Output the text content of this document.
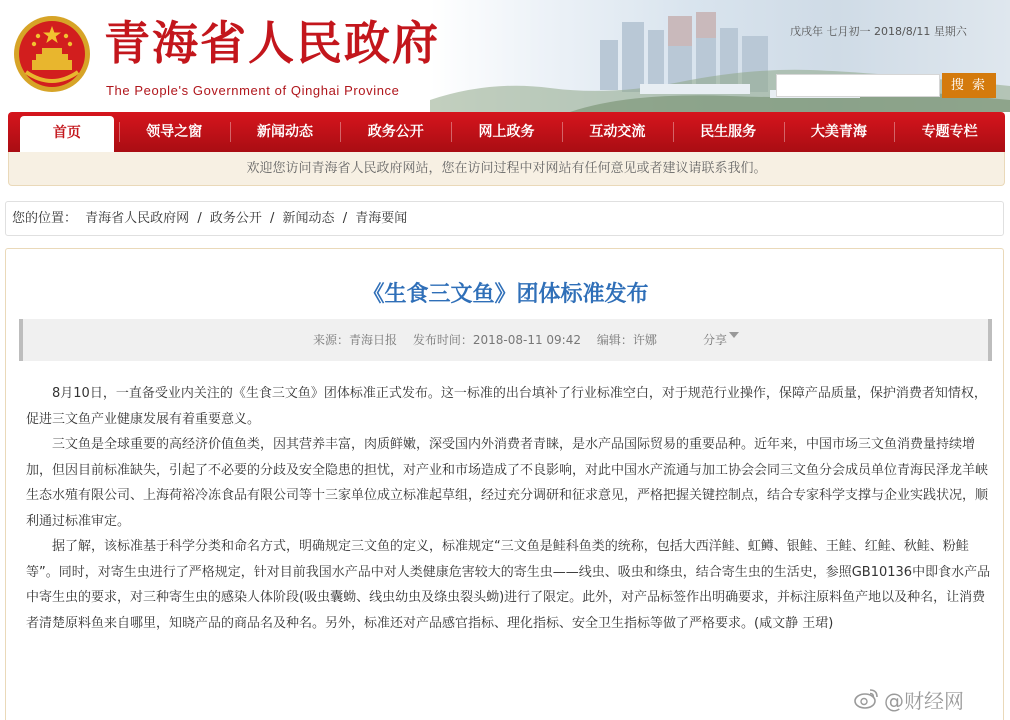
青海省人民政府
The People's Government of Qinghai Province
戊戌年 七月初一 2018/8/11 星期六
搜 索
首页	领导之窗	新闻动态	政务公开	网上政务	互动交流	民生服务	大美青海	专题专栏
欢迎您访问青海省人民政府网站，您在访问过程中对网站有任何意见或者建议请联系我们。
您的位置： 青海省人民政府网 / 政务公开 / 新闻动态 / 青海要闻
《生食三文鱼》团体标准发布
来源：青海日报 发布时间：2018-08-11 09:42 编辑：许娜	分享

8月10日，一直备受业内关注的《生食三文鱼》团体标准正式发布。这一标准的出台填补了行业标准空白，对于规范行业操作，保障产品质量，保护消费者知情权，促进三文鱼产业健康发展有着重要意义。

三文鱼是全球重要的高经济价值鱼类，因其营养丰富，肉质鲜嫩，深受国内外消费者青睐，是水产品国际贸易的重要品种。近年来，中国市场三文鱼消费量持续增加，但因目前标准缺失，引起了不必要的分歧及安全隐患的担忧，对产业和市场造成了不良影响，对此中国水产流通与加工协会会同三文鱼分会成员单位青海民泽龙羊峡生态水殖有限公司、上海荷裕冷冻食品有限公司等十三家单位成立标准起草组，经过充分调研和征求意见，严格把握关键控制点，结合专家科学支撑与企业实践状况，顺利通过标准审定。

据了解，该标准基于科学分类和命名方式，明确规定三文鱼的定义，标准规定“三文鱼是鲑科鱼类的统称，包括大西洋鲑、虹鳟、银鲑、王鲑、红鲑、秋鲑、粉鲑等”。同时，对寄生虫进行了严格规定，针对目前我国水产品中对人类健康危害较大的寄生虫——线虫、吸虫和绦虫，结合寄生虫的生活史，参照GB10136中即食水产品中寄生虫的要求，对三种寄生虫的感染人体阶段(吸虫囊蚴、线虫幼虫及绦虫裂头蚴)进行了限定。此外，对产品标签作出明确要求，并标注原料鱼产地以及种名，让消费者清楚原料鱼来自哪里，知晓产品的商品名及种名。另外，标准还对产品感官指标、理化指标、安全卫生指标等做了严格要求。(咸文静 王珺)

@财经网
